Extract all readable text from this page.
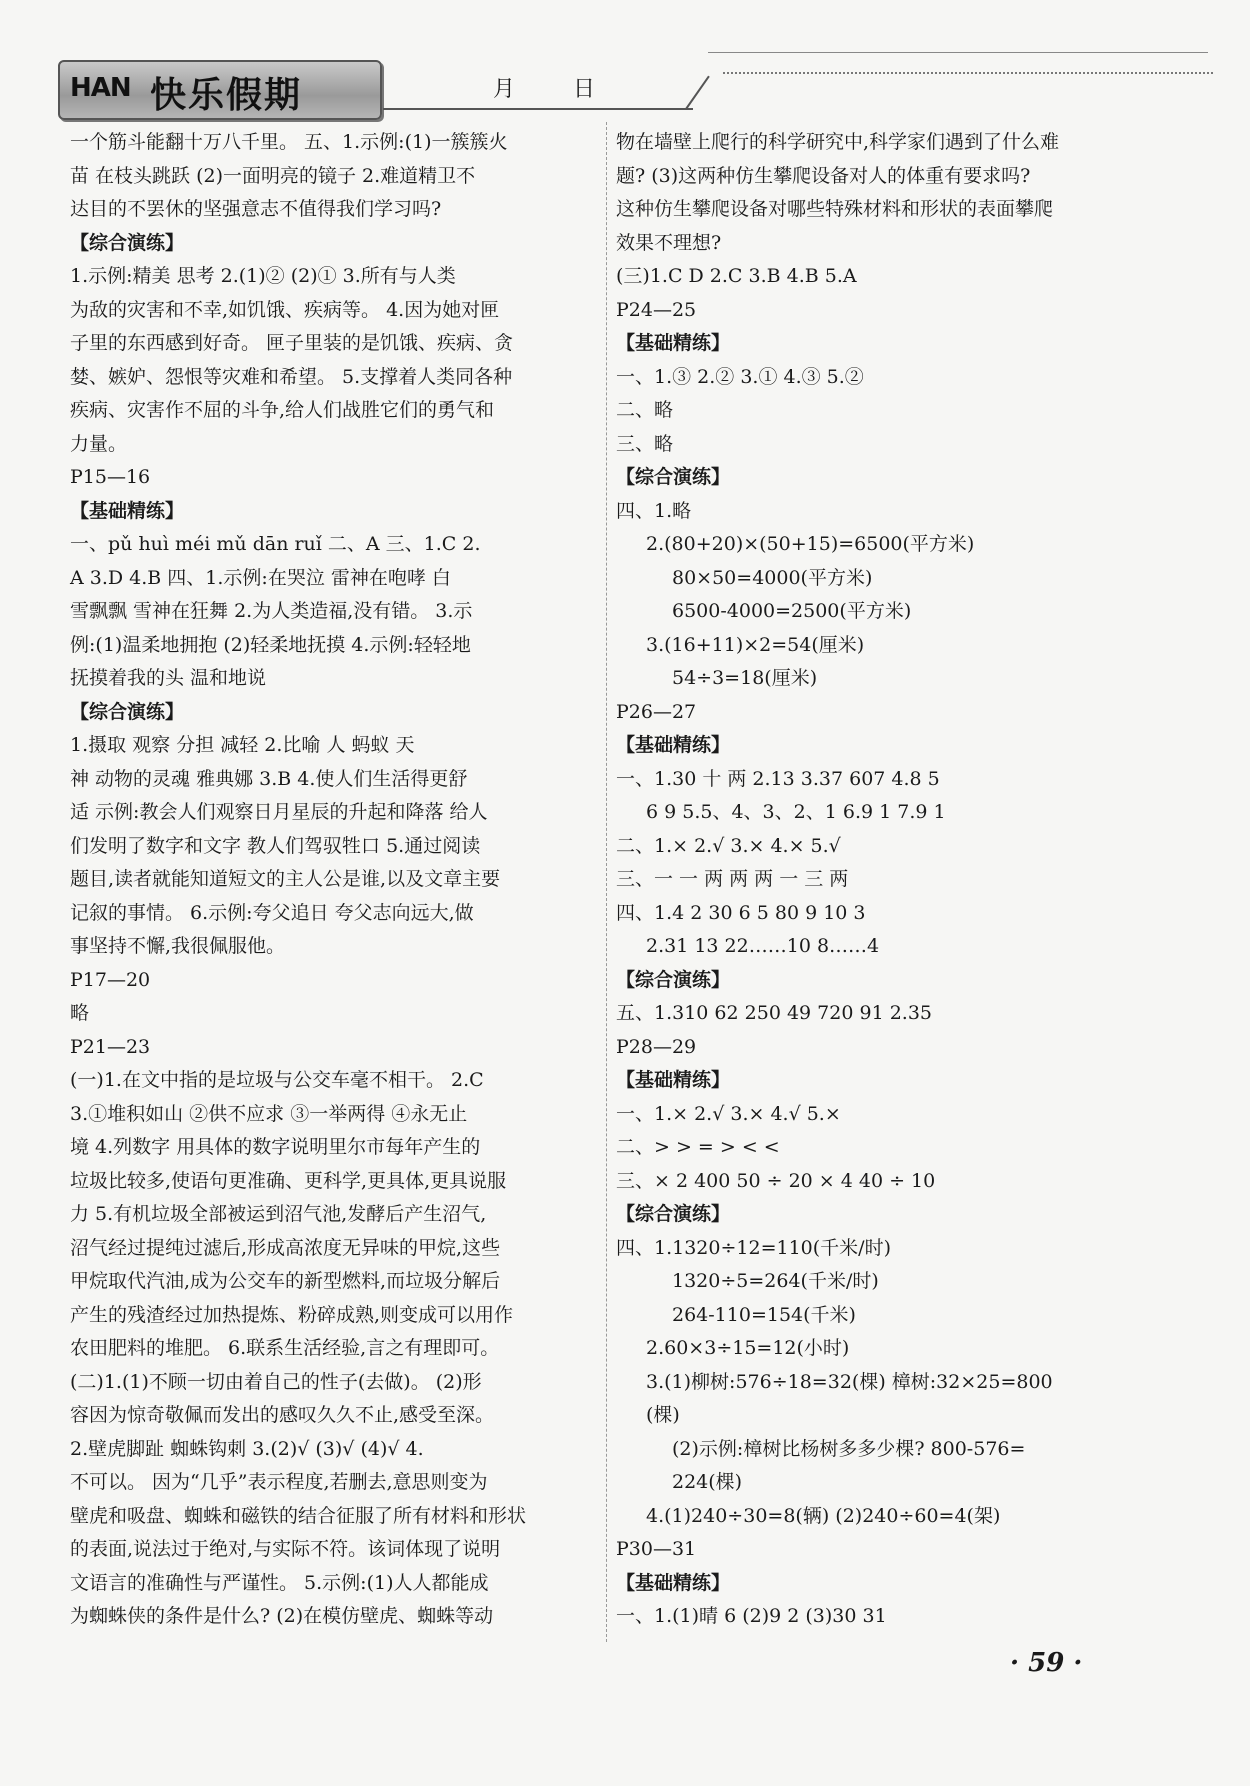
HAN 快乐假期	月	日
一个筋斗能翻十万八千里。 五、1.示例:(1)一簇簇火
苗 在枝头跳跃 (2)一面明亮的镜子 2.难道精卫不
达目的不罢休的坚强意志不值得我们学习吗?
【综合演练】
1.示例:精美 思考 2.(1)② (2)① 3.所有与人类
为敌的灾害和不幸,如饥饿、疾病等。 4.因为她对匣
子里的东西感到好奇。 匣子里装的是饥饿、疾病、贪
婪、嫉妒、怨恨等灾难和希望。 5.支撑着人类同各种
疾病、灾害作不屈的斗争,给人们战胜它们的勇气和
力量。
P15—16
【基础精练】
一、pǔ huì méi mǔ dān ruǐ 二、A 三、1.C 2.
A 3.D 4.B 四、1.示例:在哭泣 雷神在咆哮 白
雪飘飘 雪神在狂舞 2.为人类造福,没有错。 3.示
例:(1)温柔地拥抱 (2)轻柔地抚摸 4.示例:轻轻地
抚摸着我的头 温和地说
【综合演练】
1.摄取 观察 分担 减轻 2.比喻 人 蚂蚁 天
神 动物的灵魂 雅典娜 3.B 4.使人们生活得更舒
适 示例:教会人们观察日月星辰的升起和降落 给人
们发明了数字和文字 教人们驾驭牲口 5.通过阅读
题目,读者就能知道短文的主人公是谁,以及文章主要
记叙的事情。 6.示例:夸父追日 夸父志向远大,做
事坚持不懈,我很佩服他。
P17—20
略
P21—23
(一)1.在文中指的是垃圾与公交车毫不相干。 2.C
3.①堆积如山 ②供不应求 ③一举两得 ④永无止
境 4.列数字 用具体的数字说明里尔市每年产生的
垃圾比较多,使语句更准确、更科学,更具体,更具说服
力 5.有机垃圾全部被运到沼气池,发酵后产生沼气,
沼气经过提纯过滤后,形成高浓度无异味的甲烷,这些
甲烷取代汽油,成为公交车的新型燃料,而垃圾分解后
产生的残渣经过加热提炼、粉碎成熟,则变成可以用作
农田肥料的堆肥。 6.联系生活经验,言之有理即可。
(二)1.(1)不顾一切由着自己的性子(去做)。 (2)形
容因为惊奇敬佩而发出的感叹久久不止,感受至深。
2.壁虎脚趾 蜘蛛钩刺 3.(2)√ (3)√ (4)√ 4.
不可以。 因为“几乎”表示程度,若删去,意思则变为
壁虎和吸盘、蜘蛛和磁铁的结合征服了所有材料和形状
的表面,说法过于绝对,与实际不符。该词体现了说明
文语言的准确性与严谨性。 5.示例:(1)人人都能成
为蜘蛛侠的条件是什么? (2)在模仿壁虎、蜘蛛等动
物在墙壁上爬行的科学研究中,科学家们遇到了什么难
题? (3)这两种仿生攀爬设备对人的体重有要求吗?
这种仿生攀爬设备对哪些特殊材料和形状的表面攀爬
效果不理想?
(三)1.C D 2.C 3.B 4.B 5.A
P24—25
【基础精练】
一、1.③ 2.② 3.① 4.③ 5.②
二、略
三、略
【综合演练】
四、1.略
2.(80+20)×(50+15)=6500(平方米)
80×50=4000(平方米)
6500-4000=2500(平方米)
3.(16+11)×2=54(厘米)
54÷3=18(厘米)
P26—27
【基础精练】
一、1.30 十 两 2.13 3.37 607 4.8 5
6 9 5.5、4、3、2、1 6.9 1 7.9 1
二、1.× 2.√ 3.× 4.× 5.√
三、一 一 两 两 两 一 三 两
四、1.4 2 30 6 5 80 9 10 3
2.31 13 22……10 8……4
【综合演练】
五、1.310 62 250 49 720 91 2.35
P28—29
【基础精练】
一、1.× 2.√ 3.× 4.√ 5.×
二、> > = > < <
三、× 2 400 50 ÷ 20 × 4 40 ÷ 10
【综合演练】
四、1.1320÷12=110(千米/时)
1320÷5=264(千米/时)
264-110=154(千米)
2.60×3÷15=12(小时)
3.(1)柳树:576÷18=32(棵) 樟树:32×25=800
(棵)
(2)示例:樟树比杨树多多少棵? 800-576=
224(棵)
4.(1)240÷30=8(辆) (2)240÷60=4(架)
P30—31
【基础精练】
一、1.(1)晴 6 (2)9 2 (3)30 31
· 59 ·
